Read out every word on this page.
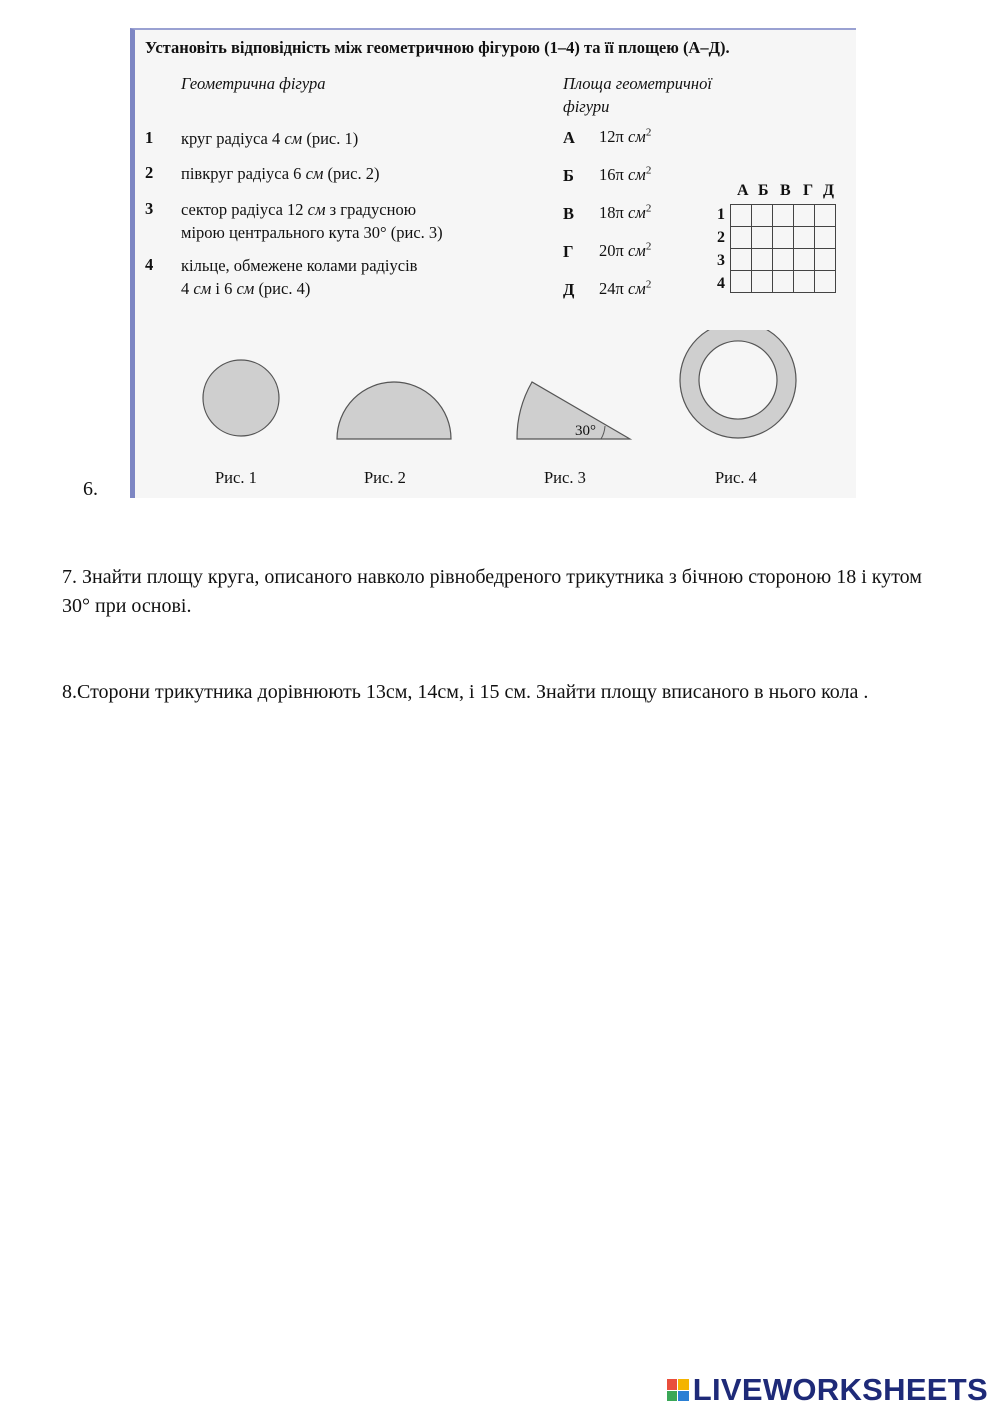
6.
Установіть відповідність між геометричною фігурою (1–4) та її площею (А–Д).
Геометрична фігура	Площа геометричної
фігури
1 круг радіуса 4 см (рис. 1)
2 півкруг радіуса 6 см (рис. 2)
3 сектор радіуса 12 см з градусною
мірою центрального кута 30° (рис. 3)
4 кільце, обмежене колами радіусів
4 см і 6 см (рис. 4)
А 12π $см^2$
Б 16π $см^2$
В 18π $см^2$
Г 20π $см^2$
Д 24π $см^2$
А Б В Г Д
1
2
3
4

30°
Рис. 1	Рис. 2	Рис. 3	Рис. 4
7. Знайти площу круга, описаного навколо рівнобедреного трикутника з бічною стороною 18 і кутом 30° при основі.
8.Сторони трикутника дорівнюють 13см, 14см, і 15 см. Знайти площу вписаного в нього кола .
LIVEWORKSHEETS
